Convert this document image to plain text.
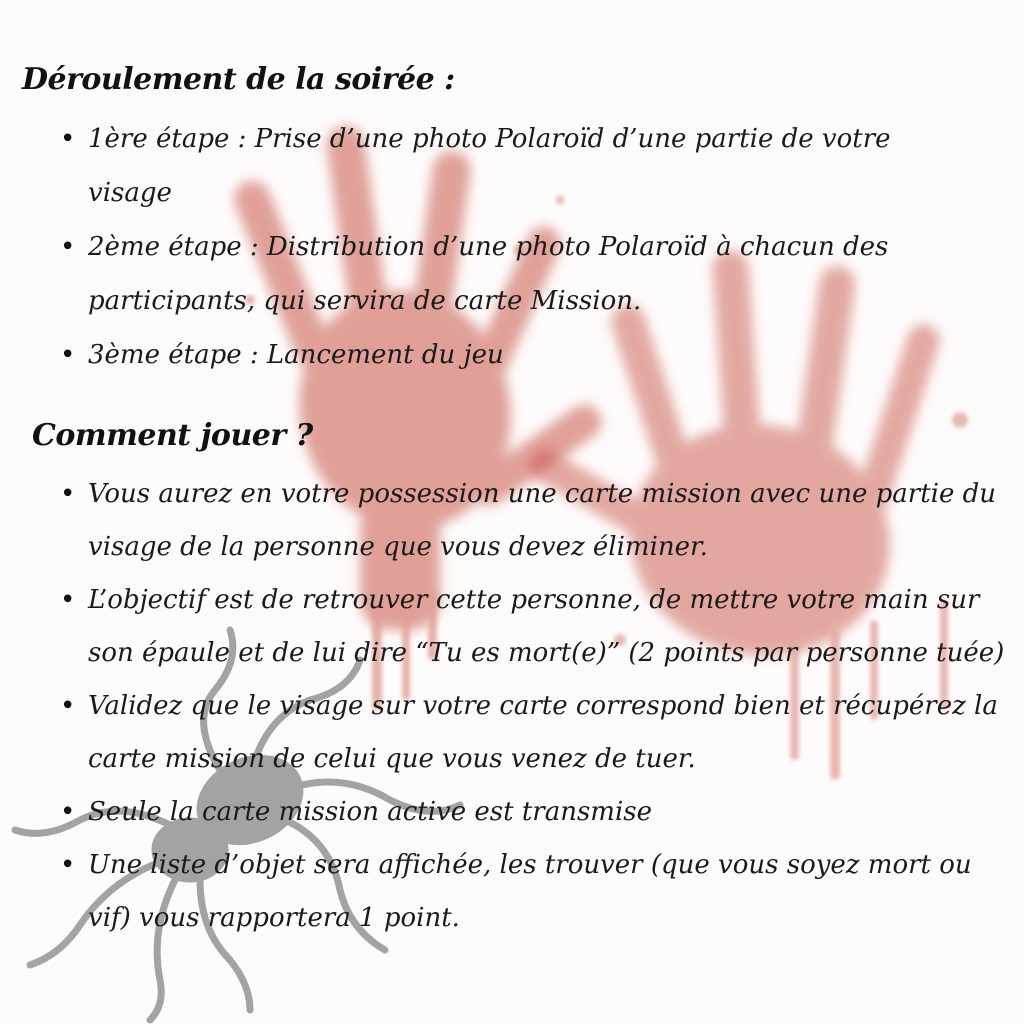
Déroulement de la soirée :
• 1ère étape : Prise d’une photo Polaroïd d’une partie de votre visage
• 2ème étape : Distribution d’une photo Polaroïd à chacun des participants, qui servira de carte Mission.
• 3ème étape : Lancement du jeu
Comment jouer ?
• Vous aurez en votre possession une carte mission avec une partie du visage de la personne que vous devez éliminer.
• L’objectif est de retrouver cette personne, de mettre votre main sur son épaule et de lui dire “Tu es mort(e)” (2 points par personne tuée)
• Validez que le visage sur votre carte correspond bien et récupérez la carte mission de celui que vous venez de tuer.
• Seule la carte mission active est transmise
• Une liste d’objet sera affichée, les trouver (que vous soyez mort ou vif) vous rapportera 1 point.
